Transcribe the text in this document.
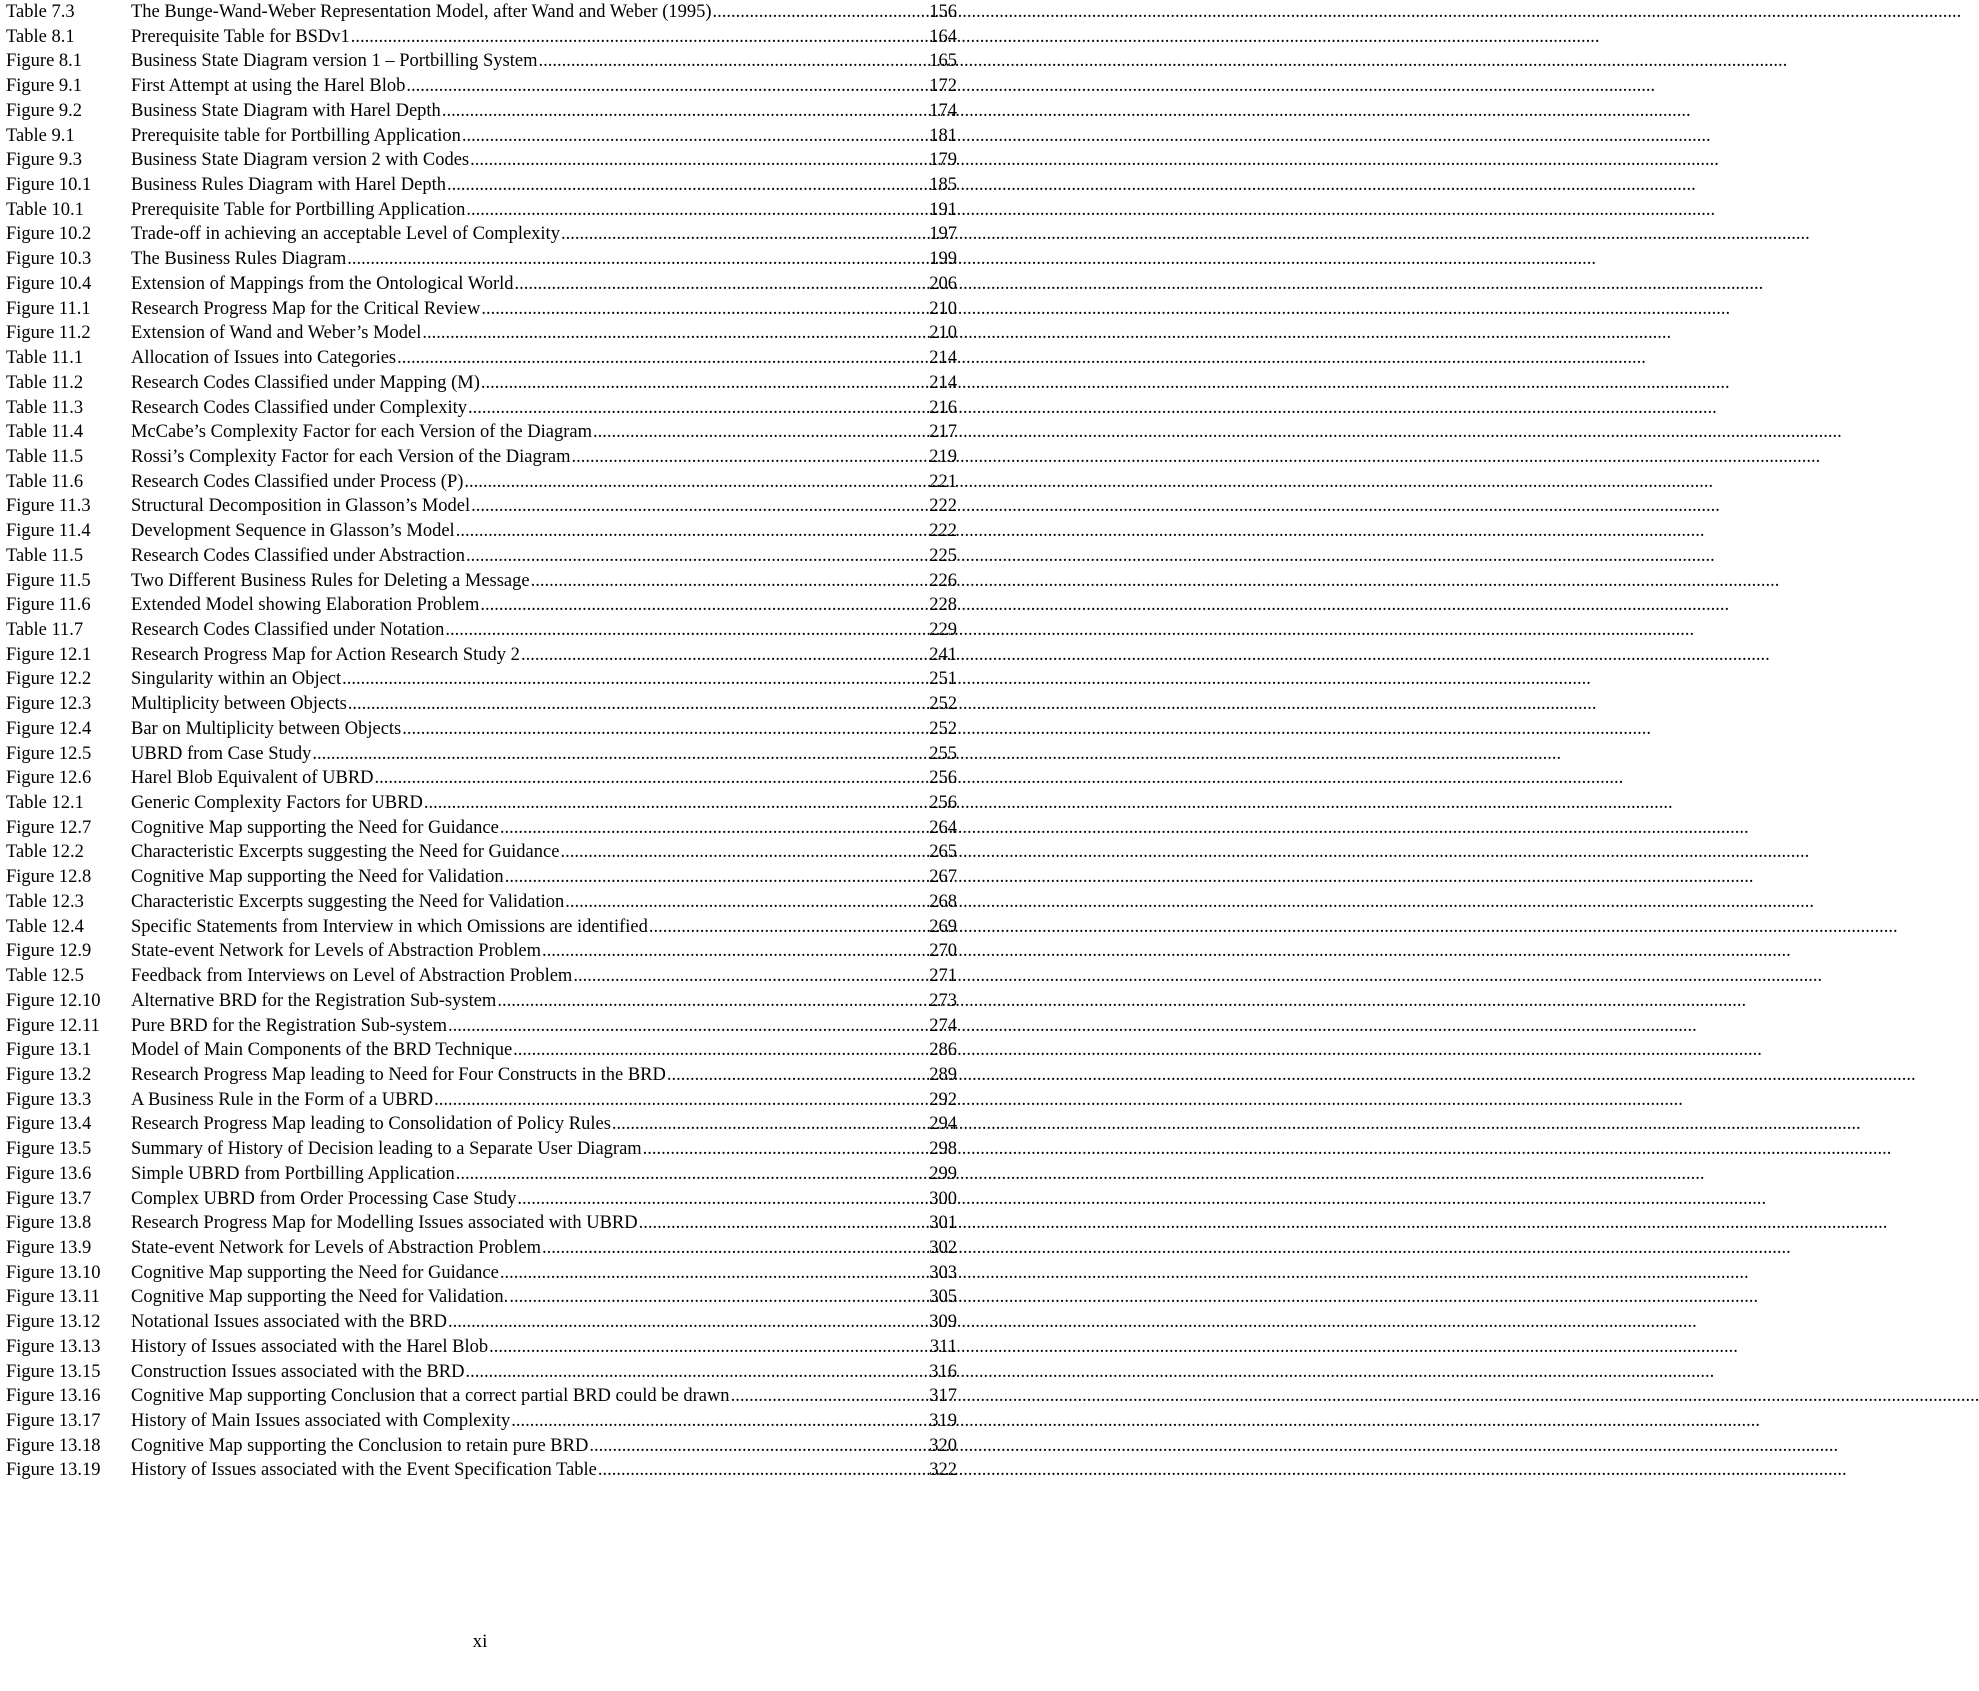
Table 7.3	The Bunge-Wand-Weber Representation Model, after Wand and Weber (1995) .....	156
Table 8.1	Prerequisite Table for BSDv1 .....	164
Figure 8.1	Business State Diagram version 1 – Portbilling System .....	165
Figure 9.1	First Attempt at using the Harel Blob .....	172
Figure 9.2	Business State Diagram with Harel Depth .....	174
Table 9.1	Prerequisite table for Portbilling Application .....	181
Figure 9.3	Business State Diagram version 2 with Codes .....	179
Figure 10.1 Business Rules Diagram with Harel Depth .....	185
Table 10.1	Prerequisite Table for Portbilling Application .....	191
Figure 10.2 Trade-off in achieving an acceptable Level of Complexity .....	197
Figure 10.3 The Business Rules Diagram .....	199
Figure 10.4 Extension of Mappings from the Ontological World .....	206
Figure 11.1 Research Progress Map for the Critical Review .....	210
Figure 11.2 Extension of Wand and Weber’s Model .....	210
Table 11.1	Allocation of Issues into Categories .....	214
Table 11.2	Research Codes Classified under Mapping (M) .....	214
Table 11.3	Research Codes Classified under Complexity .....	216
Table 11.4	McCabe’s Complexity Factor for each Version of the Diagram .....	217
Table 11.5	Rossi’s Complexity Factor for each Version of the Diagram .....	219
Table 11.6	Research Codes Classified under Process (P) .....	221
Figure 11.3 Structural Decomposition in Glasson’s Model .....	222
Figure 11.4 Development Sequence in Glasson’s Model .....	222
Table 11.5	Research Codes Classified under Abstraction .....	225
Figure 11.5 Two Different Business Rules for Deleting a Message .....	226
Figure 11.6 Extended Model showing Elaboration Problem .....	228
Table 11.7	Research Codes Classified under Notation .....	229
Figure 12.1 Research Progress Map for Action Research Study 2 .....	241
Figure 12.2 Singularity within an Object .....	251
Figure 12.3 Multiplicity between Objects .....	252
Figure 12.4 Bar on Multiplicity between Objects .....	252
Figure 12.5 UBRD from Case Study .....	255
Figure 12.6 Harel Blob Equivalent of UBRD .....	256
Table 12.1	Generic Complexity Factors for UBRD .....	256
Figure 12.7 Cognitive Map supporting the Need for Guidance .....	264
Table 12.2	Characteristic Excerpts suggesting the Need for Guidance .....	265
Figure 12.8 Cognitive Map supporting the Need for Validation .....	267
Table 12.3	Characteristic Excerpts suggesting the Need for Validation .....	268
Table 12.4	Specific Statements from Interview in which Omissions are identified .....	269
Figure 12.9 State-event Network for Levels of Abstraction Problem .....	270
Table 12.5	Feedback from Interviews on Level of Abstraction Problem .....	271
Figure 12.10 Alternative BRD for the Registration Sub-system .....	273
Figure 12.11 Pure BRD for the Registration Sub-system .....	274
Figure 13.1 Model of Main Components of the BRD Technique .....	286
Figure 13.2 Research Progress Map leading to Need for Four Constructs in the BRD .....	289
Figure 13.3 A Business Rule in the Form of a UBRD .....	292
Figure 13.4 Research Progress Map leading to Consolidation of Policy Rules .....	294
Figure 13.5 Summary of History of Decision leading to a Separate User Diagram .....	298
Figure 13.6 Simple UBRD from Portbilling Application .....	299
Figure 13.7 Complex UBRD from Order Processing Case Study .....	300
Figure 13.8 Research Progress Map for Modelling Issues associated with UBRD .....	301
Figure 13.9 State-event Network for Levels of Abstraction Problem .....	302
Figure 13.10 Cognitive Map supporting the Need for Guidance .....	303
Figure 13.11 Cognitive Map supporting the Need for Validation. .....	305
Figure 13.12 Notational Issues associated with the BRD .....	309
Figure 13.13 History of Issues associated with the Harel Blob .....	311
Figure 13.15 Construction Issues associated with the BRD .....	316
Figure 13.16 Cognitive Map supporting Conclusion that a correct partial BRD could be drawn .....	317
Figure 13.17 History of Main Issues associated with Complexity .....	319
Figure 13.18 Cognitive Map supporting the Conclusion to retain pure BRD .....	320
Figure 13.19 History of Issues associated with the Event Specification Table .....	322
xi
